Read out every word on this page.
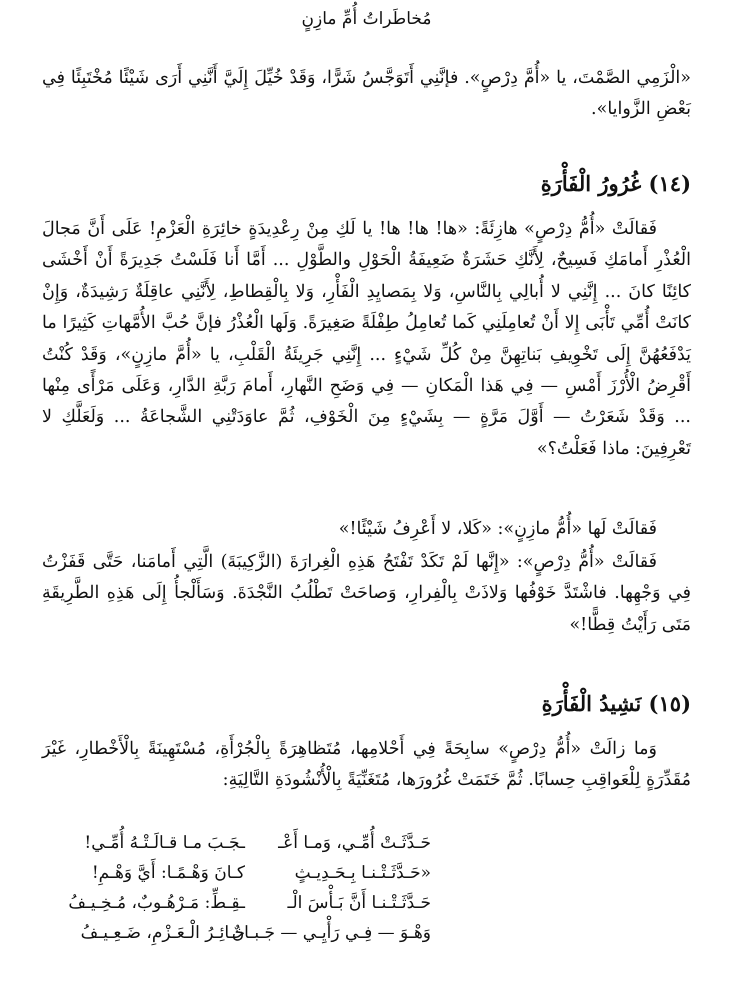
مُخاطَراتُ أُمِّ مازِنٍ

«الْزَمِي الصَّمْتَ، يا «أُمَّ دِرْصٍ». فإنَّنِي أَتَوَجَّسُ شَرًّا، وَقَدْ خُيِّلَ إِلَيَّ أَنَّنِي أَرَى شَيْئًا مُخْتَبِئًا فِي بَعْضِ الزَّوايا».

(١٤) غُرُورُ الْفَأْرَةِ

فَقالَتْ «أُمُّ دِرْصٍ» هازِئَةً: «ها! ها! ها! يا لَكِ مِنْ رِعْدِيدَةٍ خائِرَةِ الْعَزْمِ! عَلَى أَنَّ مَجالَ الْعُذْرِ أَمامَكِ فَسِيحٌ، لِأَنَّكِ حَشَرَةٌ ضَعِيفَةُ الْحَوْلِ والطَّوْلِ ... أَمَّا أَنا فَلَسْتُ جَدِيرَةً أَنْ أَخْشَى كائِنًا كانَ ... إِنَّنِي لا أُبالِي بِالنَّاسِ، وَلا بِمَصايِدِ الْفَأْرِ، وَلا بِالْقِطاطِ، لِأَنَّنِي عاقِلَةٌ رَشِيدَةٌ، وَإِنْ كانَتْ أُمِّي تَأْبَى إِلا أَنْ تُعامِلَنِي كَما تُعامِلُ طِفْلَةً صَغِيرَةً. وَلَها الْعُذْرُ فإنَّ حُبَّ الأُمَّهاتِ كَثِيرًا ما يَدْفَعُهُنَّ إِلَى تَخْوِيفِ بَناتِهِنَّ مِنْ كُلِّ شَيْءٍ ... إِنَّنِي جَرِيئَةُ الْقَلْبِ، يا «أُمَّ مازِنٍ»، وَقَدْ كُنْتُ أَقْرِضُ الْأُرْزَ أَمْسِ — فِي هَذا الْمَكانِ — فِي وَضَحِ النَّهارِ، أَمامَ رَبَّةِ الدَّارِ، وَعَلَى مَرْأًى مِنْها ... وَقَدْ شَعَرْتُ — أَوَّلَ مَرَّةٍ — بِشَيْءٍ مِنَ الْخَوْفِ، ثُمَّ عاوَدَتْنِي الشَّجاعَةُ ... وَلَعَلَّكِ لا تَعْرِفِينَ: ماذا فَعَلْتُ؟»

فَقالَتْ لَها «أُمُّ مازِنٍ»: «كَلا، لا أَعْرِفُ شَيْئًا!»

فَقالَتْ «أُمُّ دِرْصٍ»: «إِنَّها لَمْ تَكَدْ تَفْتَحُ هَذِهِ الْغِرارَةَ (الزَّكِيبَةَ) الَّتِي أَمامَنا، حَتَّى قَفَزْتُ فِي وَجْهِها. فاشْتَدَّ خَوْفُها وَلاذَتْ بِالْفِرارِ، وَصاحَتْ تَطْلُبُ النَّجْدَةَ. وَسَأَلْجأُ إِلَى هَذِهِ الطَّرِيقَةِ مَتَى رَأَيْتُ قِطًّا!»

(١٥) نَشِيدُ الْفَأْرَةِ

وَما زالَتْ «أُمُّ دِرْصٍ» سابِحَةً فِي أَحْلامِها، مُتَظاهِرَةً بِالْجُرْأَةِ، مُسْتَهِينَةً بِالْأَخْطارِ، غَيْرَ مُقَدِّرَةٍ لِلْعَواقِبِ حِسابًا. ثُمَّ خَتَمَتْ غُرُورَها، مُتَغَنِّيَةً بِالْأُنْشُودَةِ التَّالِيَةِ:

حَـدَّثَـتْ أُمِّـي، وَمـا أَعْـ
ـجَـبَ مـا قـالَـتْـهُ أُمِّـي!
«حَـدَّثَـتْـنـا بِـحَـدِيـثٍ
كـانَ وَهْـمًـا: أَيَّ وَهْـمِ!
حَـدَّثَـتْـنـا أَنَّ بَـأْسَ الْـ
ـقِـطِّ: مَـرْهُـوبٌ، مُـخِـيـفُ
وَهْـوَ — فِـي رَأْيِـي — جَـبـانٌ
خـائِـرُ الْـعَـزْمِ، ضَـعِـيـفُ
